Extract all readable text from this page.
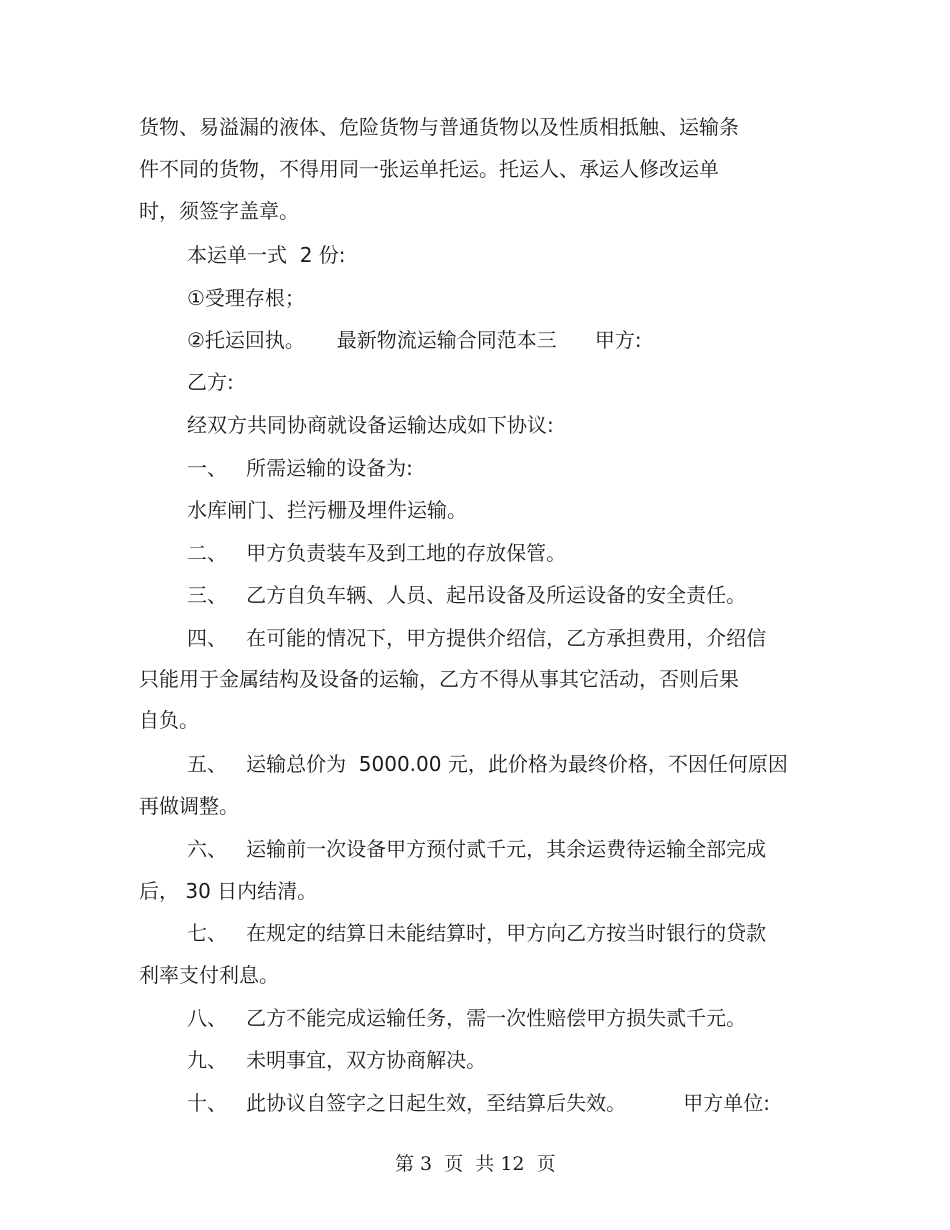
货物、易溢漏的液体、危险货物与普通货物以及性质相抵触、运输条
件不同的货物，不得用同一张运单托运。托运人、承运人修改运单
时，须签字盖章。
本运单一式  2 份:
①受理存根；
②托运回执。     最新物流运输合同范本三      甲方:
乙方:
经双方共同协商就设备运输达成如下协议:
一、   所需运输的设备为:
水库闸门、拦污栅及埋件运输。
二、   甲方负责装车及到工地的存放保管。
三、   乙方自负车辆、人员、起吊设备及所运设备的安全责任。
四、   在可能的情况下，甲方提供介绍信，乙方承担费用，介绍信
只能用于金属结构及设备的运输，乙方不得从事其它活动，否则后果
自负。
五、   运输总价为  5000.00 元，此价格为最终价格，不因任何原因
再做调整。
六、   运输前一次设备甲方预付贰千元，其余运费待运输全部完成
后， 30 日内结清。
七、   在规定的结算日未能结算时，甲方向乙方按当时银行的贷款
利率支付利息。
八、   乙方不能完成运输任务，需一次性赔偿甲方损失贰千元。
九、   未明事宜，双方协商解决。
十、   此协议自签字之日起生效，至结算后失效。         甲方单位:
第 3  页  共 12  页
